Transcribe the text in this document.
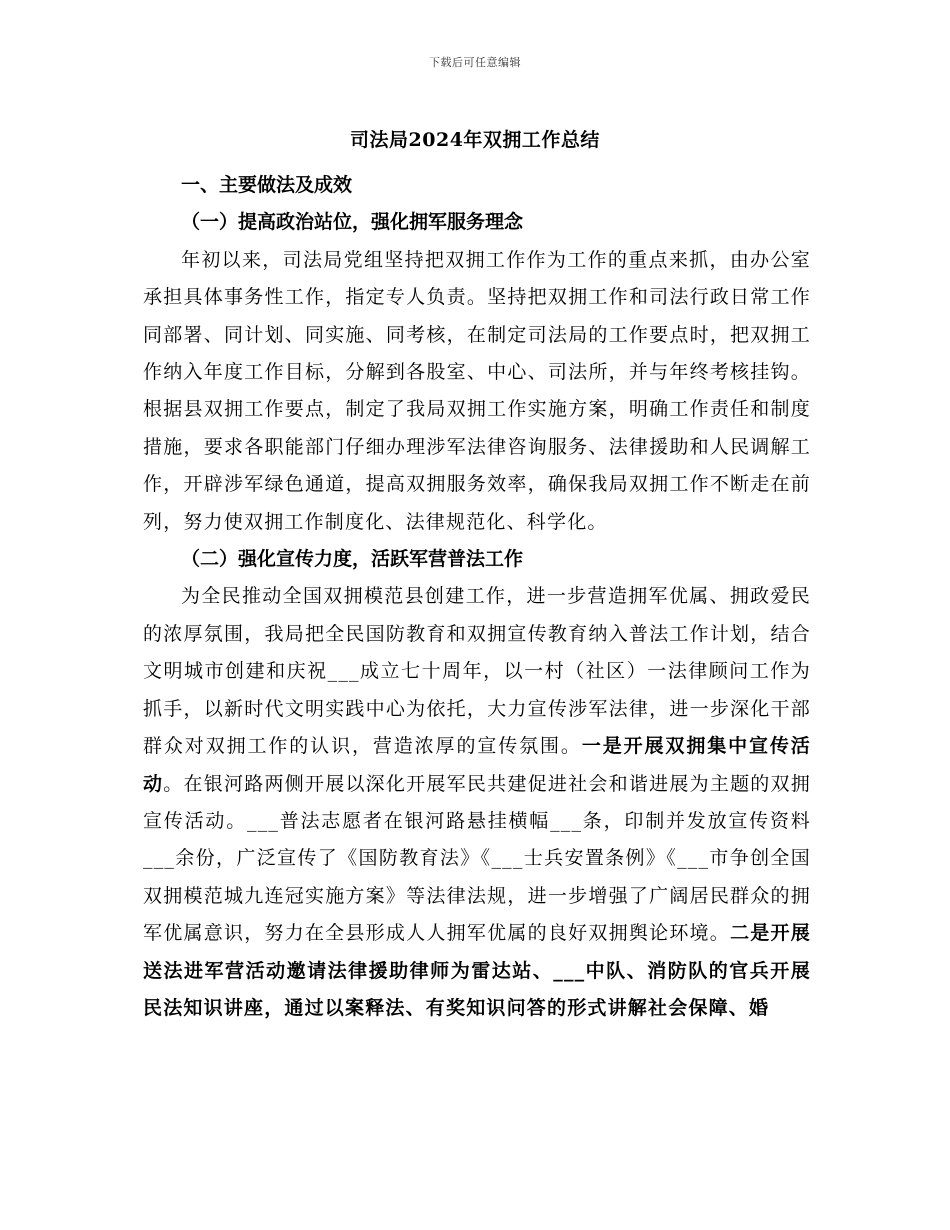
下载后可任意编辑
司法局2024年双拥工作总结

一、主要做法及成效

（一）提高政治站位，强化拥军服务理念

年初以来，司法局党组坚持把双拥工作作为工作的重点来抓，由办公室承担具体事务性工作，指定专人负责。坚持把双拥工作和司法行政日常工作同部署、同计划、同实施、同考核，在制定司法局的工作要点时，把双拥工作纳入年度工作目标，分解到各股室、中心、司法所，并与年终考核挂钩。根据县双拥工作要点，制定了我局双拥工作实施方案，明确工作责任和制度措施，要求各职能部门仔细办理涉军法律咨询服务、法律援助和人民调解工作，开辟涉军绿色通道，提高双拥服务效率，确保我局双拥工作不断走在前列，努力使双拥工作制度化、法律规范化、科学化。

（二）强化宣传力度，活跃军营普法工作

为全民推动全国双拥模范县创建工作，进一步营造拥军优属、拥政爱民的浓厚氛围，我局把全民国防教育和双拥宣传教育纳入普法工作计划，结合文明城市创建和庆祝___成立七十周年，以一村（社区）一法律顾问工作为抓手，以新时代文明实践中心为依托，大力宣传涉军法律，进一步深化干部群众对双拥工作的认识，营造浓厚的宣传氛围。一是开展双拥集中宣传活动。在银河路两侧开展以深化开展军民共建促进社会和谐进展为主题的双拥宣传活动。___普法志愿者在银河路悬挂横幅___条，印制并发放宣传资料___余份，广泛宣传了《国防教育法》《___士兵安置条例》《___市争创全国双拥模范城九连冠实施方案》等法律法规，进一步增强了广阔居民群众的拥军优属意识，努力在全县形成人人拥军优属的良好双拥舆论环境。二是开展送法进军营活动邀请法律援助律师为雷达站、___中队、消防队的官兵开展民法知识讲座，通过以案释法、有奖知识问答的形式讲解社会保障、婚
